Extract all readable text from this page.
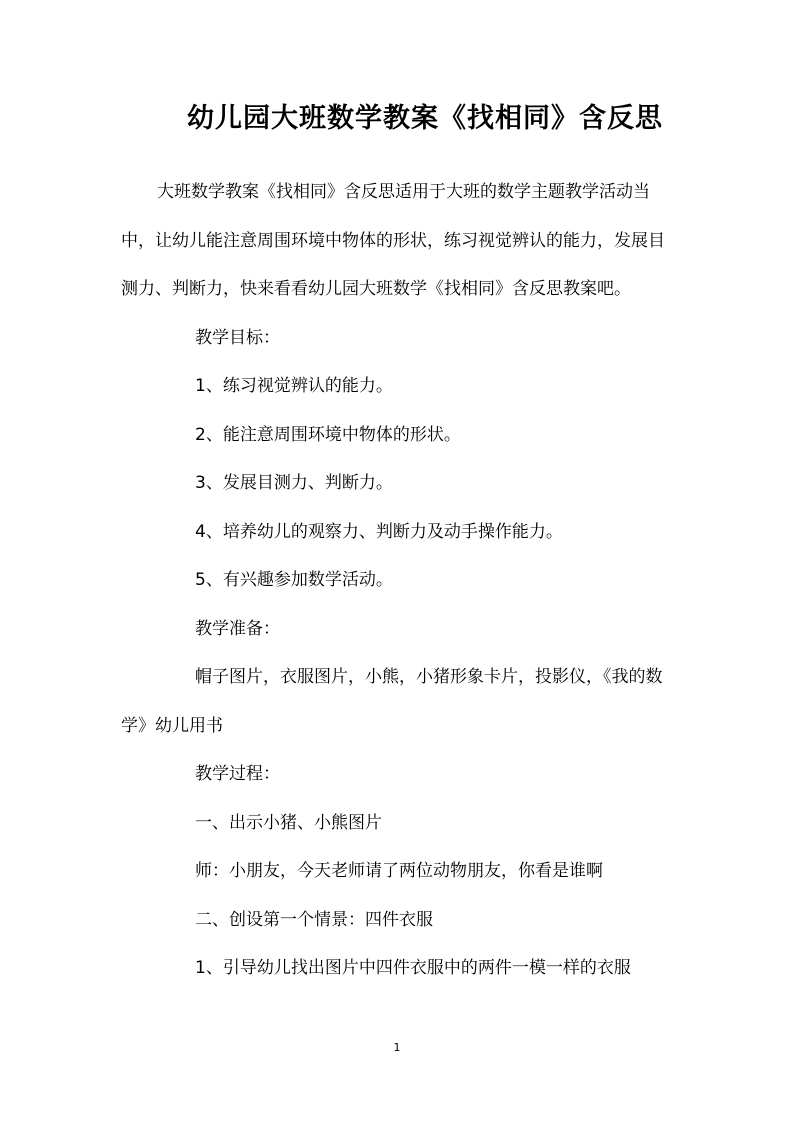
幼儿园大班数学教案《找相同》含反思

大班数学教案《找相同》含反思适用于大班的数学主题教学活动当中，让幼儿能注意周围环境中物体的形状，练习视觉辨认的能力，发展目测力、判断力，快来看看幼儿园大班数学《找相同》含反思教案吧。

教学目标：

1、练习视觉辨认的能力。

2、能注意周围环境中物体的形状。

3、发展目测力、判断力。

4、培养幼儿的观察力、判断力及动手操作能力。

5、有兴趣参加数学活动。

教学准备：

帽子图片，衣服图片，小熊，小猪形象卡片，投影仪，《我的数学》幼儿用书

教学过程：

一、出示小猪、小熊图片

师：小朋友，今天老师请了两位动物朋友，你看是谁啊

二、创设第一个情景：四件衣服

1、引导幼儿找出图片中四件衣服中的两件一模一样的衣服

1
